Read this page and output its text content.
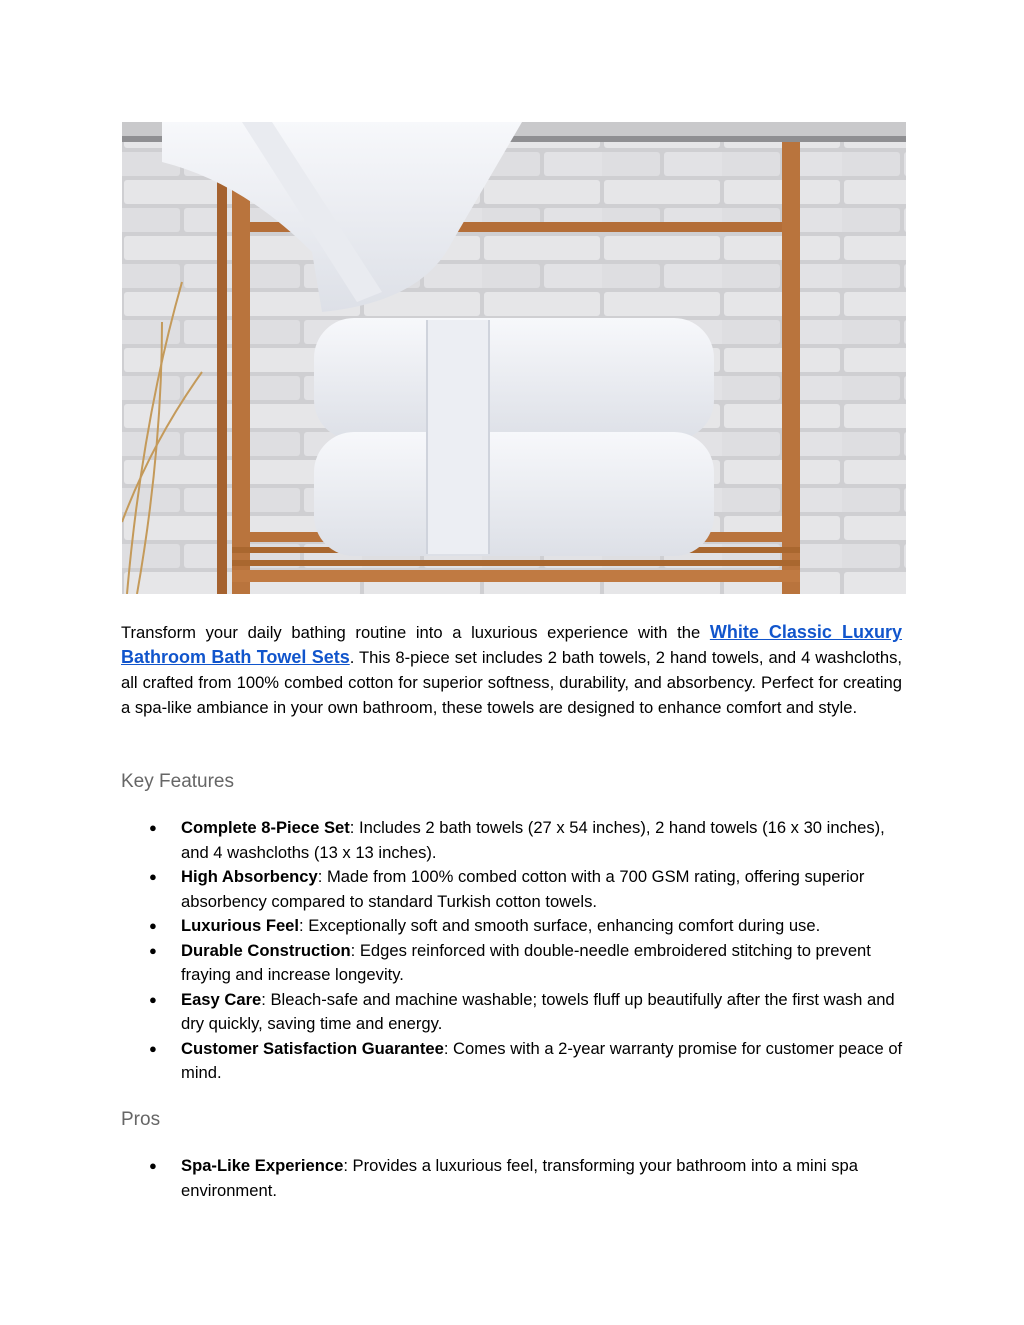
Transform your daily bathing routine into a luxurious experience with the White Classic Luxury Bathroom Bath Towel Sets. This 8-piece set includes 2 bath towels, 2 hand towels, and 4 washcloths, all crafted from 100% combed cotton for superior softness, durability, and absorbency. Perfect for creating a spa-like ambiance in your own bathroom, these towels are designed to enhance comfort and style.

Key Features
● Complete 8-Piece Set: Includes 2 bath towels (27 x 54 inches), 2 hand towels (16 x 30 inches), and 4 washcloths (13 x 13 inches).
● High Absorbency: Made from 100% combed cotton with a 700 GSM rating, offering superior absorbency compared to standard Turkish cotton towels.
● Luxurious Feel: Exceptionally soft and smooth surface, enhancing comfort during use.
● Durable Construction: Edges reinforced with double-needle embroidered stitching to prevent fraying and increase longevity.
● Easy Care: Bleach-safe and machine washable; towels fluff up beautifully after the first wash and dry quickly, saving time and energy.
● Customer Satisfaction Guarantee: Comes with a 2-year warranty promise for customer peace of mind.
Pros
● Spa-Like Experience: Provides a luxurious feel, transforming your bathroom into a mini spa environment.
